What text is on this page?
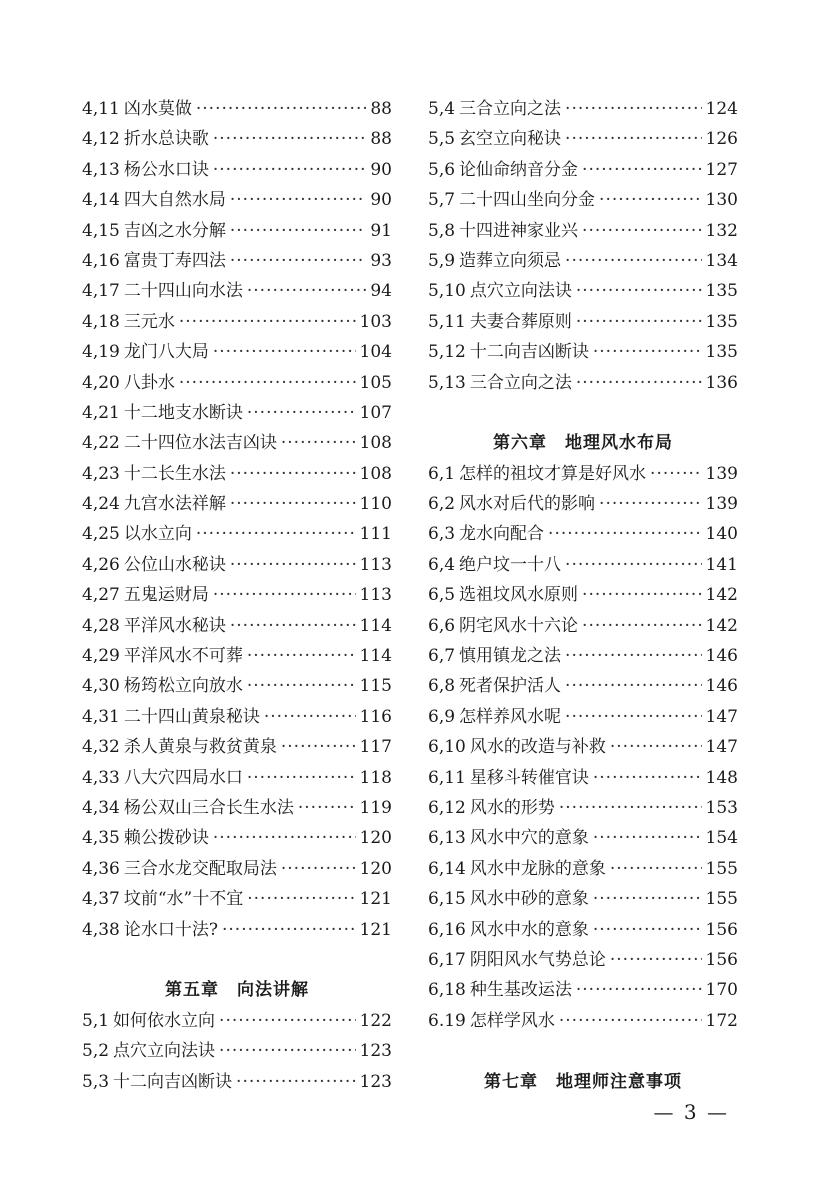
4,11 凶水莫做 ·····	88
4,12 折水总诀歌 ·····	88
4,13 杨公水口诀 ·····	90
4,14 四大自然水局 ·····	90
4,15 吉凶之水分解 ·····	91
4,16 富贵丁寿四法 ·····	93
4,17 二十四山向水法 ·····	94
4,18 三元水 ·····	103
4,19 龙门八大局 ·····	104
4,20 八卦水 ·····	105
4,21 十二地支水断诀 ·····	107
4,22 二十四位水法吉凶诀 ·····	108
4,23 十二长生水法 ·····	108
4,24 九宫水法祥解 ·····	110
4,25 以水立向 ·····	111
4,26 公位山水秘诀 ·····	113
4,27 五鬼运财局 ·····	113
4,28 平洋风水秘诀 ·····	114
4,29 平洋风水不可葬 ·····	114
4,30 杨筠松立向放水 ·····	115
4,31 二十四山黄泉秘诀 ·····	116
4,32 杀人黄泉与救贫黄泉 ·····	117
4,33 八大穴四局水口 ·····	118
4,34 杨公双山三合长生水法 ·····	119
4,35 赖公拨砂诀 ·····	120
4,36 三合水龙交配取局法 ·····	120
4,37 坟前“水”十不宜 ·····	121
4,38 论水口十法? ·····	121
第五章　向法讲解
5,1 如何依水立向 ·····	122
5,2 点穴立向法诀 ·····	123
5,3 十二向吉凶断诀 ·····	123
5,4 三合立向之法 ·····	124
5,5 玄空立向秘诀 ·····	126
5,6 论仙命纳音分金 ·····	127
5,7 二十四山坐向分金 ·····	130
5,8 十四进神家业兴 ·····	132
5,9 造葬立向须忌 ·····	134
5,10 点穴立向法诀 ·····	135
5,11 夫妻合葬原则 ·····	135
5,12 十二向吉凶断诀 ·····	135
5,13 三合立向之法 ·····	136
第六章　地理风水布局
6,1 怎样的祖坟才算是好风水 ·····	139
6,2 风水对后代的影响 ·····	139
6,3 龙水向配合 ·····	140
6,4 绝户坟一十八 ·····	141
6,5 选祖坟风水原则 ·····	142
6,6 阴宅风水十六论 ·····	142
6,7 慎用镇龙之法 ·····	146
6,8 死者保护活人 ·····	146
6,9 怎样养风水呢 ·····	147
6,10 风水的改造与补救 ·····	147
6,11 星移斗转催官诀 ·····	148
6,12 风水的形势 ·····	153
6,13 风水中穴的意象 ·····	154
6,14 风水中龙脉的意象 ·····	155
6,15 风水中砂的意象 ·····	155
6,16 风水中水的意象 ·····	156
6,17 阴阳风水气势总论 ·····	156
6,18 种生基改运法 ·····	170
6.19 怎样学风水 ·····	172
第七章　地理师注意事项
— 3 —
